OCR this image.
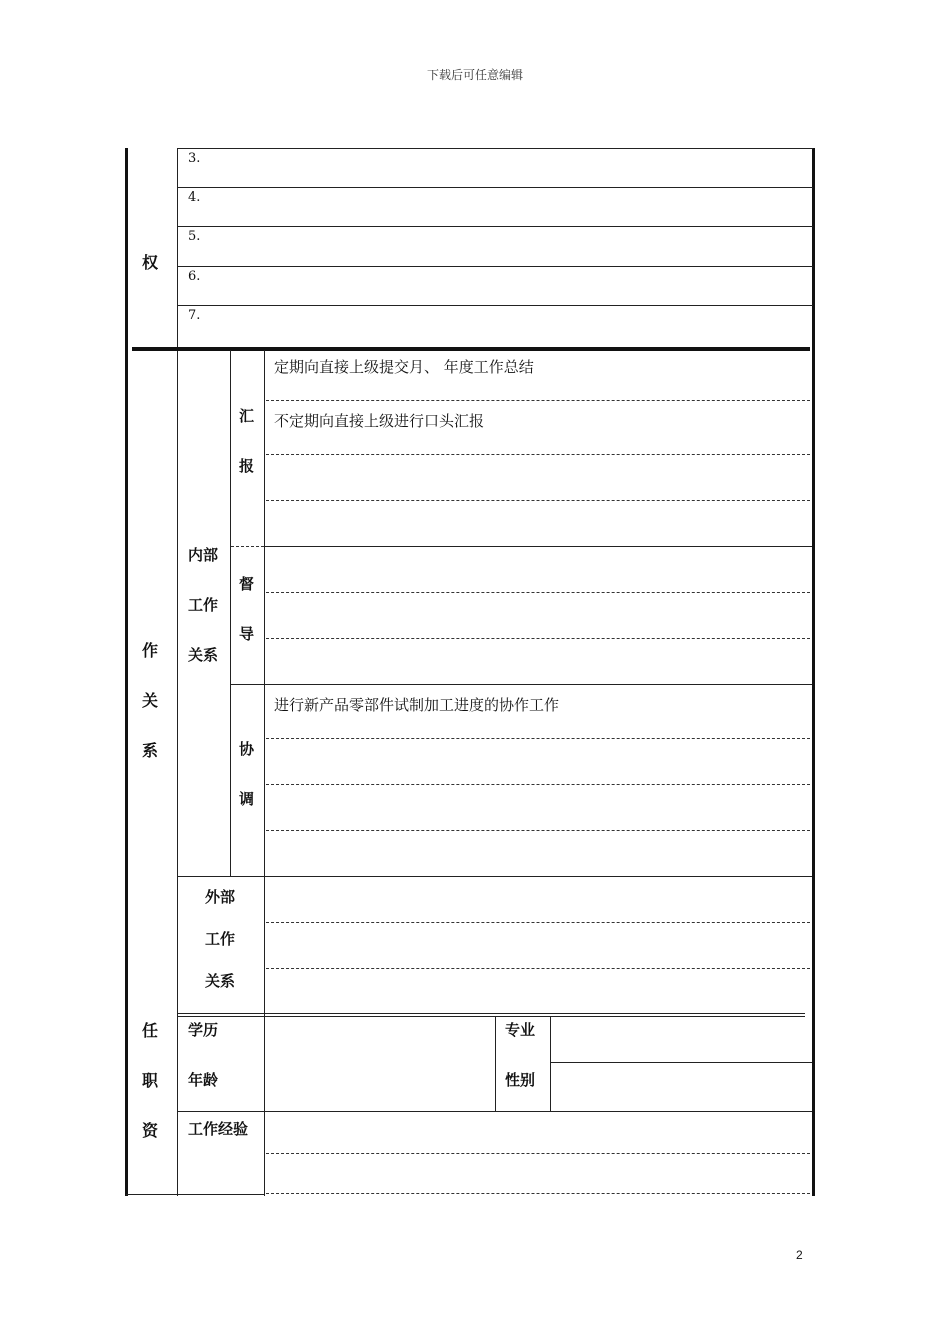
下载后可任意编辑
权
3.
4.
5.
6.
7.
作
关
系
内部
工作
关系
汇
报
定期向直接上级提交月、 年度工作总结
不定期向直接上级进行口头汇报
督
导
协
调
进行新产品零部件试制加工进度的协作工作
外部
工作
关系
任
职
资
学历	专业
年龄	性别
工作经验
2
